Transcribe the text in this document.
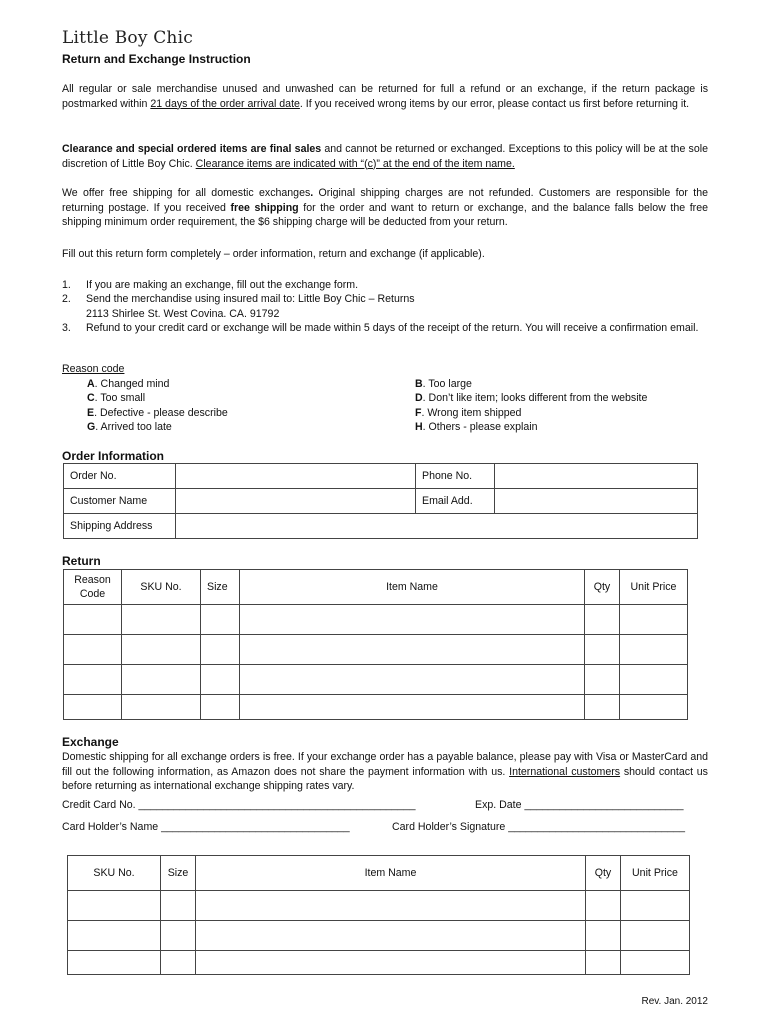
Little Boy Chic
Return and Exchange Instruction
All regular or sale merchandise unused and unwashed can be returned for full a refund or an exchange, if the return package is postmarked within 21 days of the order arrival date. If you received wrong items by our error, please contact us first before returning it.
Clearance and special ordered items are final sales and cannot be returned or exchanged. Exceptions to this policy will be at the sole discretion of Little Boy Chic. Clearance items are indicated with “(c)” at the end of the item name.
We offer free shipping for all domestic exchanges. Original shipping charges are not refunded. Customers are responsible for the returning postage. If you received free shipping for the order and want to return or exchange, and the balance falls below the free shipping minimum order requirement, the $6 shipping charge will be deducted from your return.
Fill out this return form completely – order information, return and exchange (if applicable).
1. If you are making an exchange, fill out the exchange form.
2. Send the merchandise using insured mail to: Little Boy Chic – Returns
2113 Shirlee St. West Covina. CA. 91792
3. Refund to your credit card or exchange will be made within 5 days of the receipt of the return. You will receive a confirmation email.
Reason code
A. Changed mind
C. Too small
E. Defective - please describe
G. Arrived too late
B. Too large
D. Don’t like item; looks different from the website
F. Wrong item shipped
H. Others - please explain
Order Information
Order No.		Phone No.	
Customer Name		Email Add.	
Shipping Address			
Return
Reason
Code	SKU No.	Size	Item Name	Qty	Unit Price

Exchange
Domestic shipping for all exchange orders is free. If your exchange order has a payable balance, please pay with Visa or MasterCard and fill out the following information, as Amazon does not share the payment information with us. International customers should contact us before returning as international exchange shipping rates vary.
Credit Card No. _______________________________________________	Exp. Date ___________________________
Card Holder’s Name ________________________________	Card Holder’s Signature ______________________________
SKU No.	Size	Item Name	Qty	Unit Price

Rev. Jan. 2012
